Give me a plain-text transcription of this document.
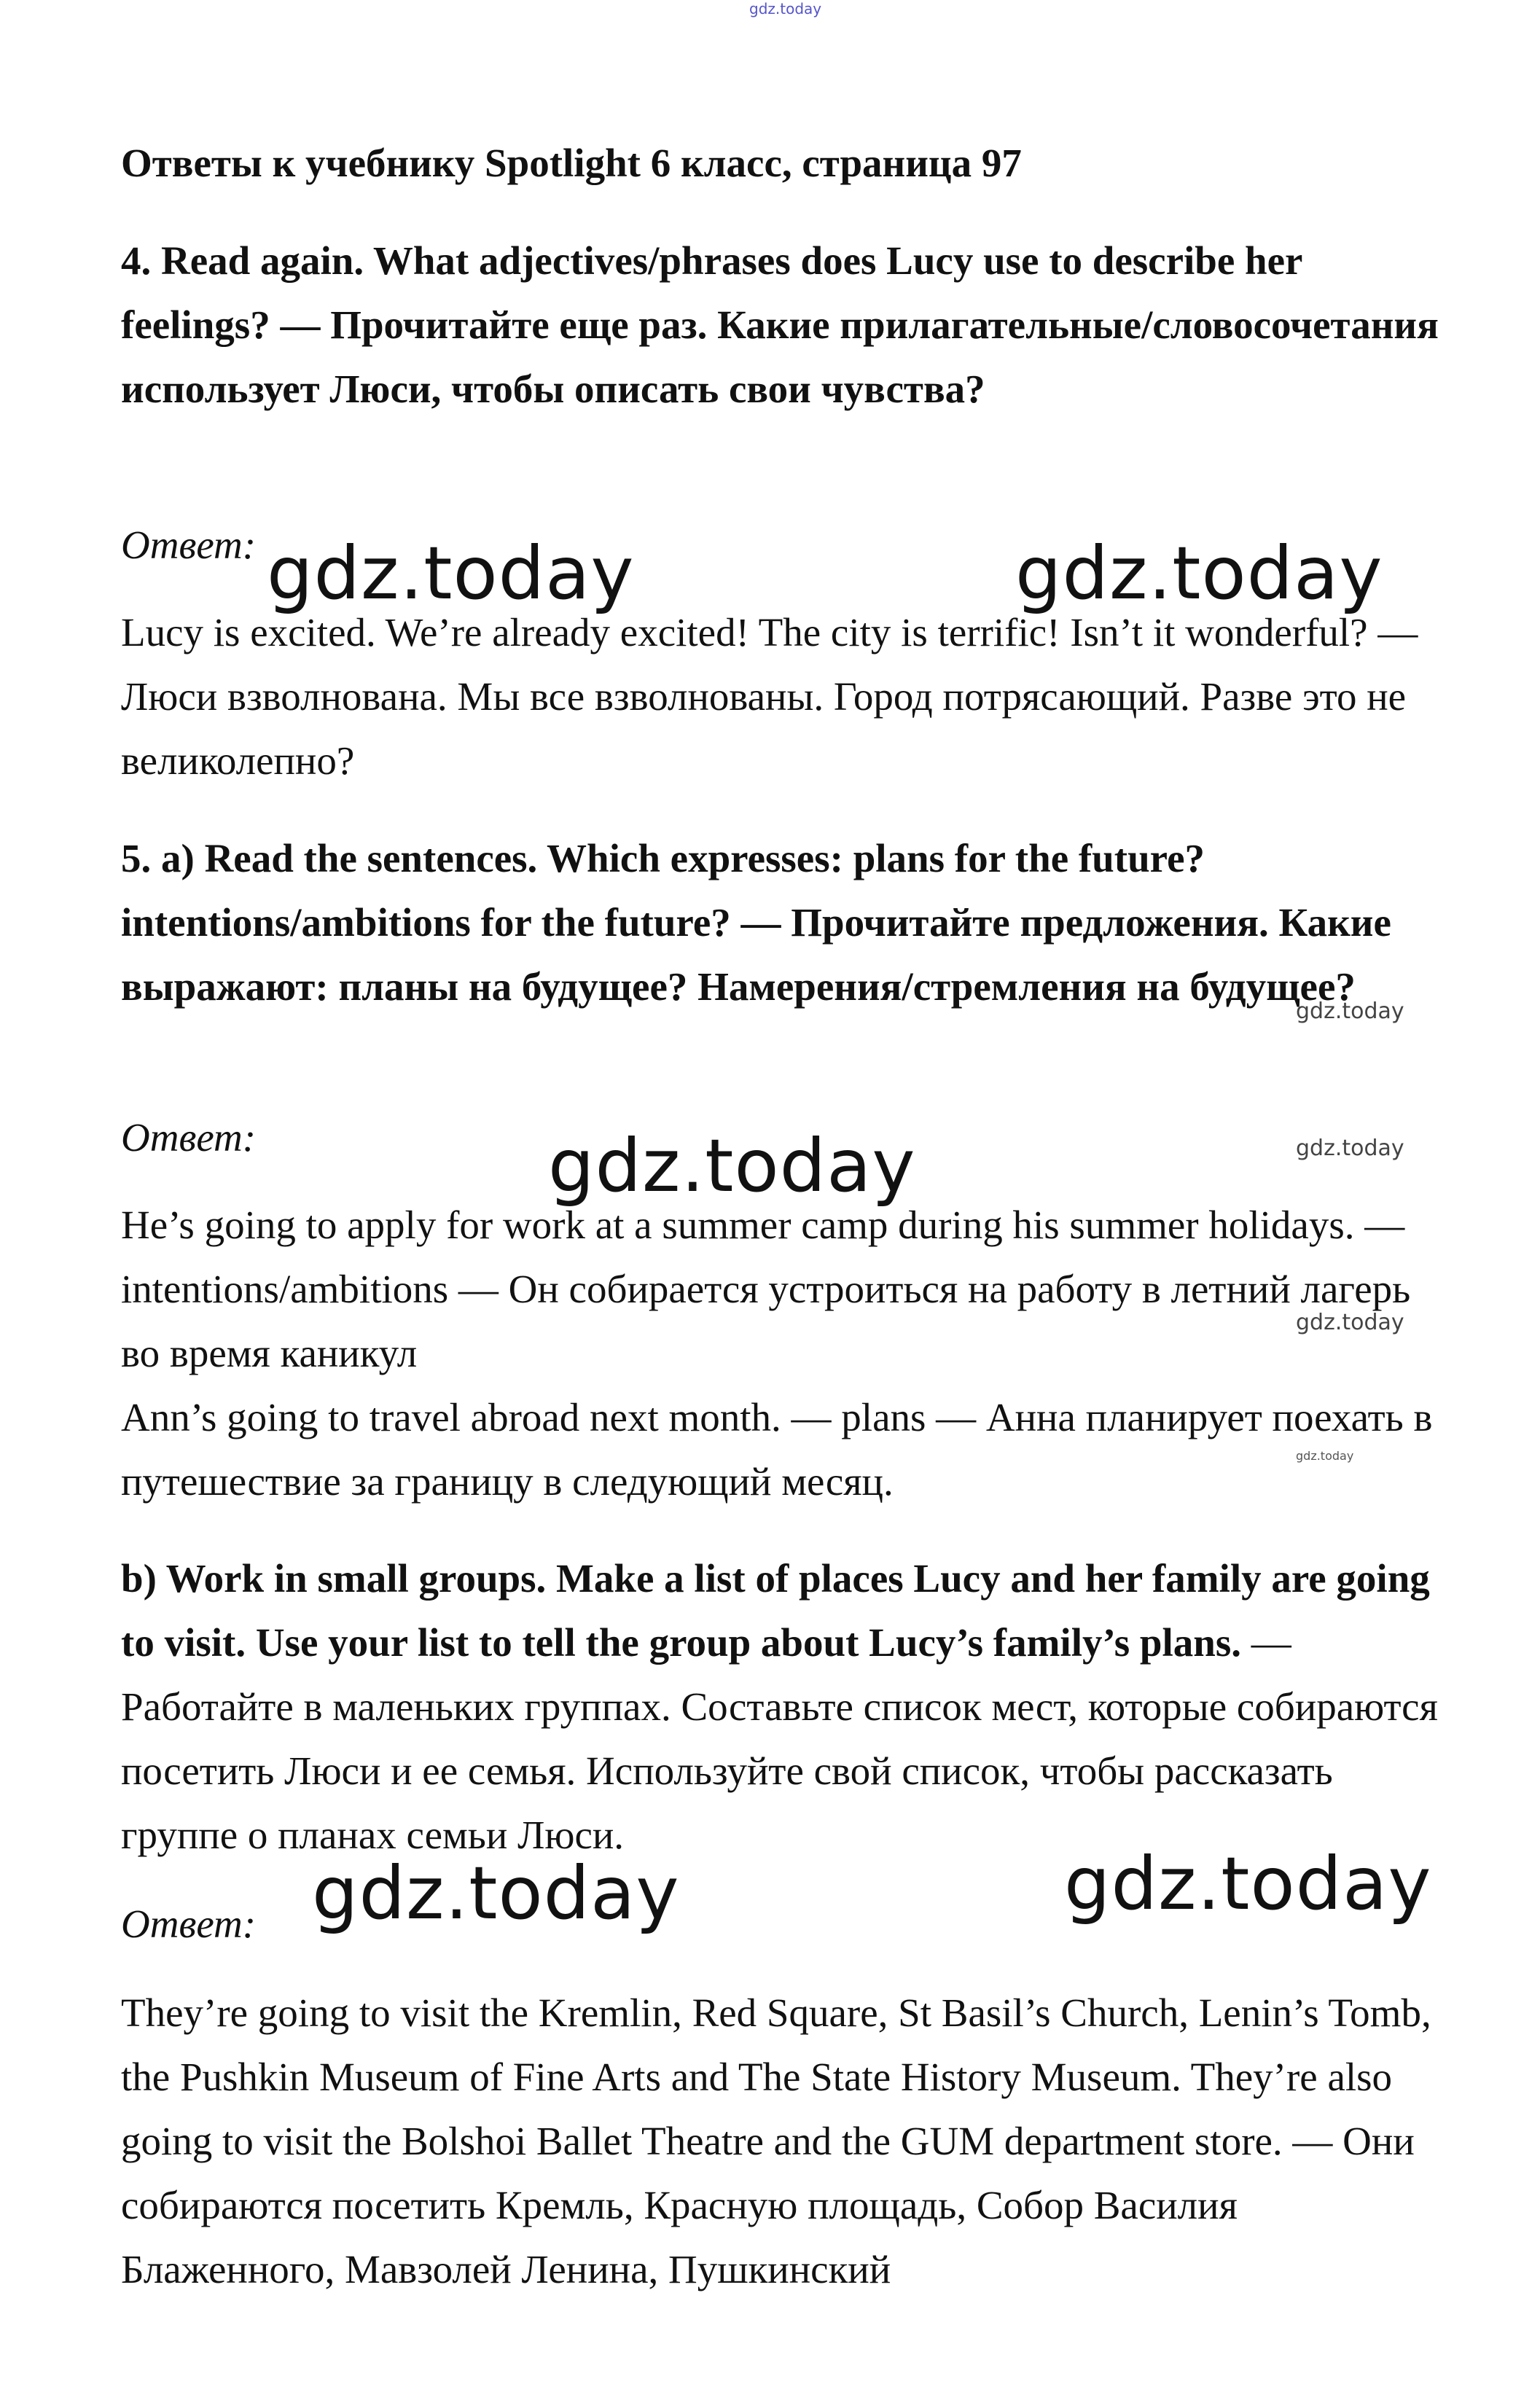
gdz.today

Ответы к учебнику Spotlight 6 класс, страница 97

4. Read again. What adjectives/phrases does Lucy use to describe her feelings? — Прочитайте еще раз. Какие прилагательные/словосочетания использует Люси, чтобы описать свои чувства?

Ответ: gdz.today	gdz.today

Lucy is excited. We’re already excited! The city is terrific! Isn’t it wonderful? — Люси взволнована. Мы все взволнованы. Город потрясающий. Разве это не великолепно?

5. a) Read the sentences. Which expresses: plans for the future? intentions/ambitions for the future? — Прочитайте предложения. Какие выражают: планы на будущее? Намерения/стремления на будущее?

gdz.today
Ответ:	gdz.today	gdz.today

He’s going to apply for work at a summer camp during his summer holidays. — intentions/ambitions — Он собирается устроиться на работу в летний лагерь во время каникул

gdz.today

Ann’s going to travel abroad next month. — plans — Анна планирует поехать в путешествие за границу в следующий месяц.

gdz.today

b) Work in small groups. Make a list of places Lucy and her family are going to visit. Use your list to tell the group about Lucy’s family’s plans. — Работайте в маленьких группах. Составьте список мест, которые собираются посетить Люси и ее семья. Используйте свой список, чтобы рассказать группе о планах семьи Люси.

gdz.today
gdz.today
Ответ:

They’re going to visit the Kremlin, Red Square, St Basil’s Church, Lenin’s Tomb, the Pushkin Museum of Fine Arts and The State History Museum. They’re also going to visit the Bolshoi Ballet Theatre and the GUM department store. — Они собираются посетить Кремль, Красную площадь, Собор Василия Блаженного, Мавзолей Ленина, Пушкинский
